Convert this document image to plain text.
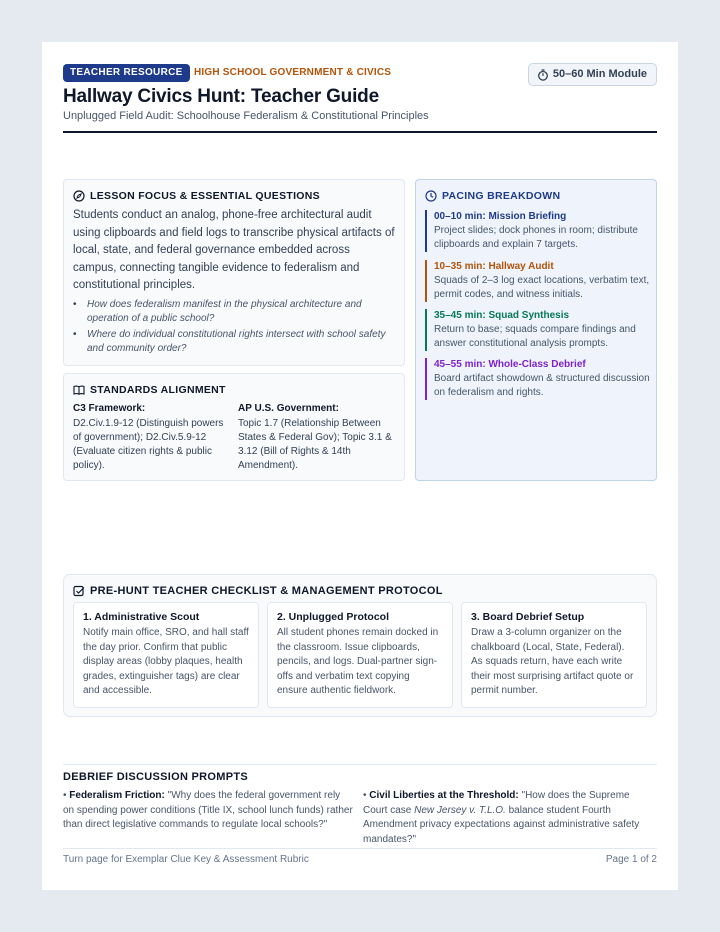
TEACHER RESOURCE	HIGH SCHOOL GOVERNMENT & CIVICS	50–60 Min Module
Hallway Civics Hunt: Teacher Guide
Unplugged Field Audit: Schoolhouse Federalism & Constitutional Principles
LESSON FOCUS & ESSENTIAL QUESTIONS
Students conduct an analog, phone-free architectural audit using clipboards and field logs to transcribe physical artifacts of local, state, and federal governance embedded across campus, connecting tangible evidence to federalism and constitutional principles.
• How does federalism manifest in the physical architecture and operation of a public school?
• Where do individual constitutional rights intersect with school safety and community order?
STANDARDS ALIGNMENT
C3 Framework:
D2.Civ.1.9-12 (Distinguish powers of government); D2.Civ.5.9-12 (Evaluate citizen rights & public policy).
AP U.S. Government:
Topic 1.7 (Relationship Between States & Federal Gov); Topic 3.1 & 3.12 (Bill of Rights & 14th Amendment).
PACING BREAKDOWN
00–10 min: Mission Briefing
Project slides; dock phones in room; distribute clipboards and explain 7 targets.
10–35 min: Hallway Audit
Squads of 2–3 log exact locations, verbatim text, permit codes, and witness initials.
35–45 min: Squad Synthesis
Return to base; squads compare findings and answer constitutional analysis prompts.
45–55 min: Whole-Class Debrief
Board artifact showdown & structured discussion on federalism and rights.
PRE-HUNT TEACHER CHECKLIST & MANAGEMENT PROTOCOL
1. Administrative Scout
Notify main office, SRO, and hall staff the day prior. Confirm that public display areas (lobby plaques, health grades, extinguisher tags) are clear and accessible.
2. Unplugged Protocol
All student phones remain docked in the classroom. Issue clipboards, pencils, and logs. Dual-partner sign-offs and verbatim text copying ensure authentic fieldwork.
3. Board Debrief Setup
Draw a 3-column organizer on the chalkboard (Local, State, Federal). As squads return, have each write their most surprising artifact quote or permit number.
DEBRIEF DISCUSSION PROMPTS
• Federalism Friction: "Why does the federal government rely on spending power conditions (Title IX, school lunch funds) rather than direct legislative commands to regulate local schools?"
• Civil Liberties at the Threshold: "How does the Supreme Court case New Jersey v. T.L.O. balance student Fourth Amendment privacy expectations against administrative safety mandates?"
Turn page for Exemplar Clue Key & Assessment Rubric	Page 1 of 2
